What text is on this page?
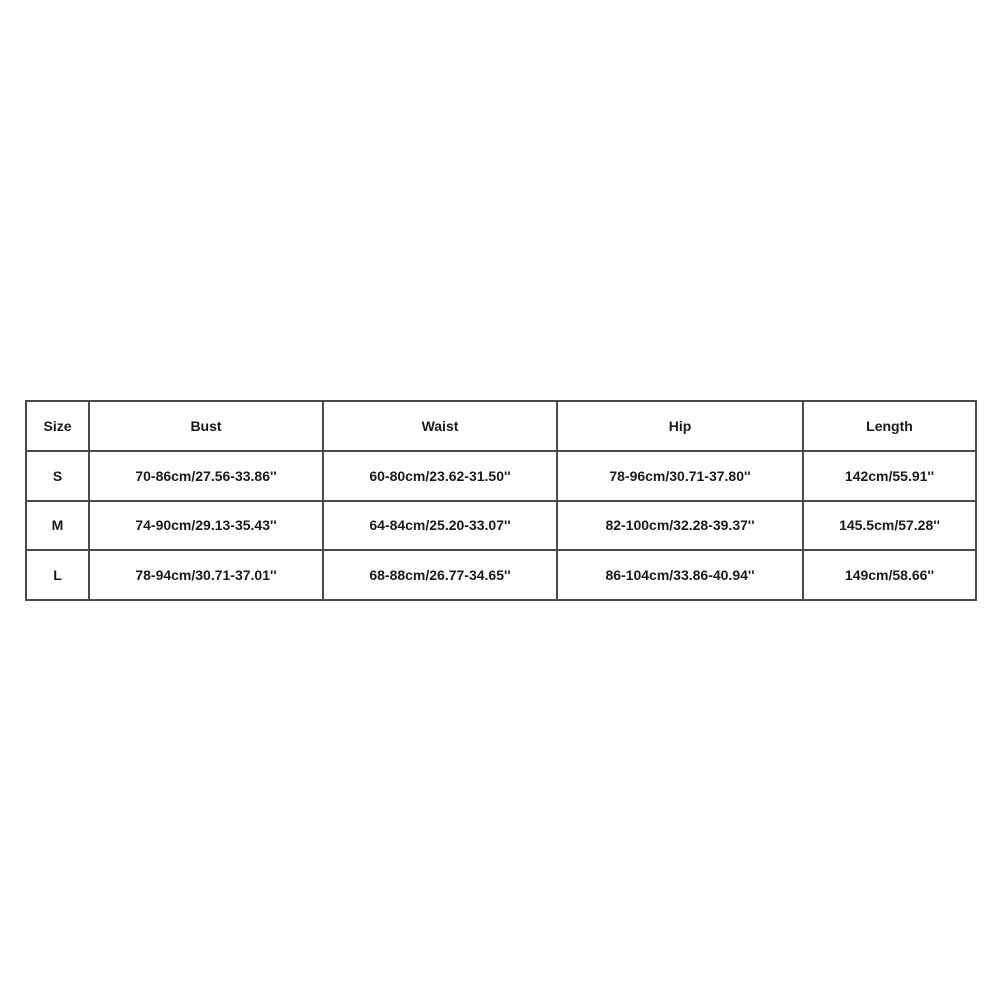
Size	Bust	Waist	Hip	Length
S	70-86cm/27.56-33.86''	60-80cm/23.62-31.50''	78-96cm/30.71-37.80''	142cm/55.91''
M	74-90cm/29.13-35.43''	64-84cm/25.20-33.07''	82-100cm/32.28-39.37''	145.5cm/57.28''
L	78-94cm/30.71-37.01''	68-88cm/26.77-34.65''	86-104cm/33.86-40.94''	149cm/58.66''
